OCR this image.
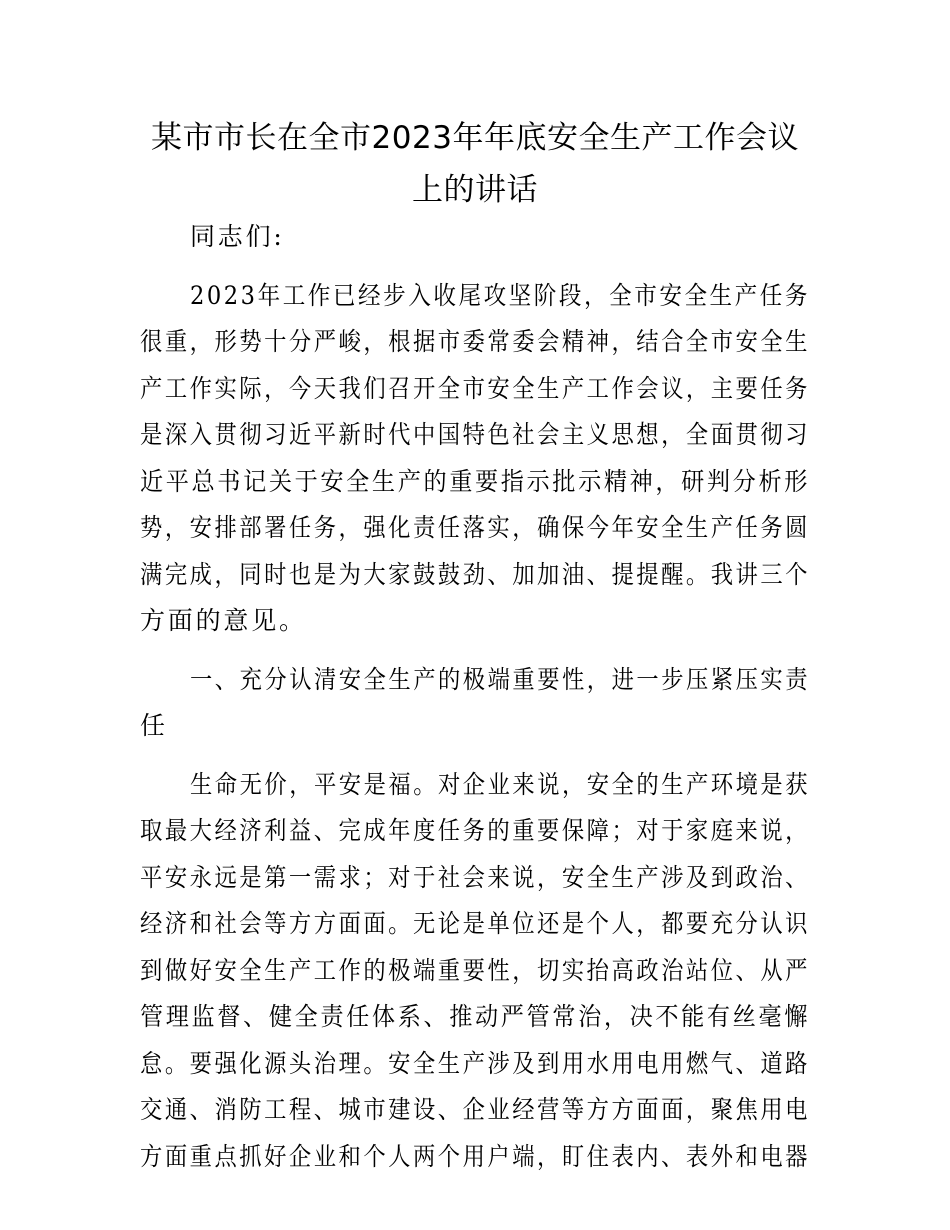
某市市长在全市2023年年底安全生产工作会议
上的讲话
同志们:
2023年工作已经步入收尾攻坚阶段，全市安全生产任务
很重，形势十分严峻，根据市委常委会精神，结合全市安全生
产工作实际，今天我们召开全市安全生产工作会议，主要任务
是深入贯彻习近平新时代中国特色社会主义思想，全面贯彻习
近平总书记关于安全生产的重要指示批示精神，研判分析形
势，安排部署任务，强化责任落实，确保今年安全生产任务圆
满完成，同时也是为大家鼓鼓劲、加加油、提提醒。我讲三个
方面的意见。
一、充分认清安全生产的极端重要性，进一步压紧压实责
任
生命无价，平安是福。对企业来说，安全的生产环境是获
取最大经济利益、完成年度任务的重要保障；对于家庭来说，
平安永远是第一需求；对于社会来说，安全生产涉及到政治、
经济和社会等方方面面。无论是单位还是个人，都要充分认识
到做好安全生产工作的极端重要性，切实抬高政治站位、从严
管理监督、健全责任体系、推动严管常治，决不能有丝毫懈
怠。要强化源头治理。安全生产涉及到用水用电用燃气、道路
交通、消防工程、城市建设、企业经营等方方面面，聚焦用电
方面重点抓好企业和个人两个用户端，盯住表内、表外和电器
